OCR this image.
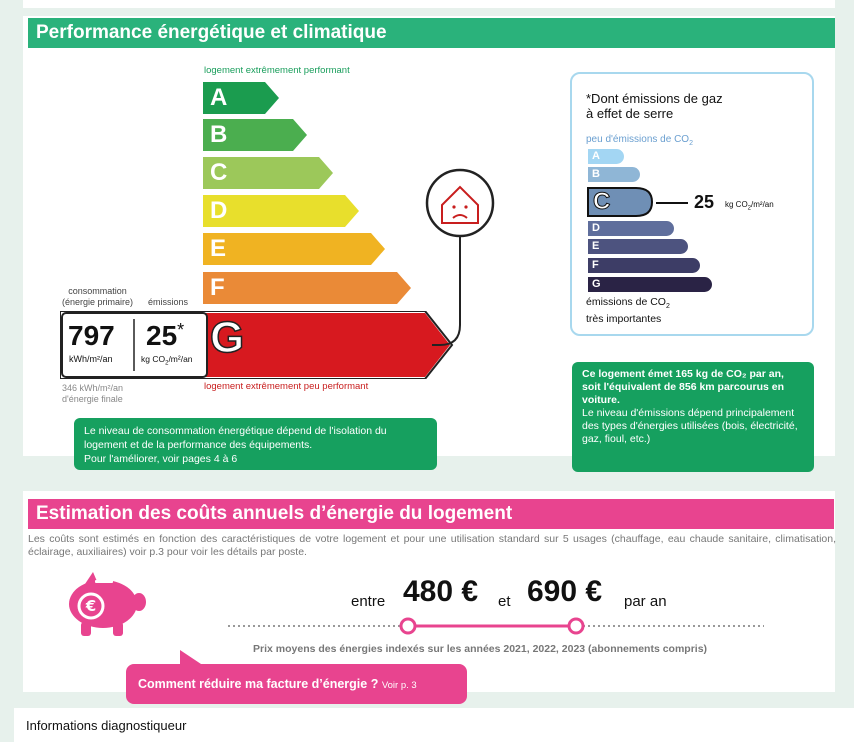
Performance énergétique et climatique
logement extrêmement performant
A
B
C
D
E
F
G
consommation
(énergie primaire) émissions
797
kWh/m²/an
25*
kg $CO_2/m^2/an$
logement extrêmement peu performant
346 kWh/m²/an
d'énergie finale
Le niveau de consommation énergétique dépend de l'isolation du logement et de la performance des équipements.
Pour l'améliorer, voir pages 4 à 6
*Dont émissions de gaz
à effet de serre
peu d'émissions de $CO_2$
A
B
D
E
F
G
C	25 kg $CO_2/m^2/an$
émissions de $CO_2$
très importantes
Ce logement émet 165 kg de CO₂ par an, soit l'équivalent de 856 km parcourus en voiture.
Le niveau d'émissions dépend principalement des types d'énergies utilisées (bois, électricité, gaz, fioul, etc.)
Estimation des coûts annuels d’énergie du logement
Les coûts sont estimés en fonction des caractéristiques de votre logement et pour une utilisation standard sur 5 usages (chauffage, eau chaude sanitaire, climatisation, éclairage, auxiliaires) voir p.3 pour voir les détails par poste.
€	entre 480 € et 690 € par an
Prix moyens des énergies indexés sur les années 2021, 2022, 2023 (abonnements compris)
Comment réduire ma facture d’énergie ? Voir p. 3
Informations diagnostiqueur
